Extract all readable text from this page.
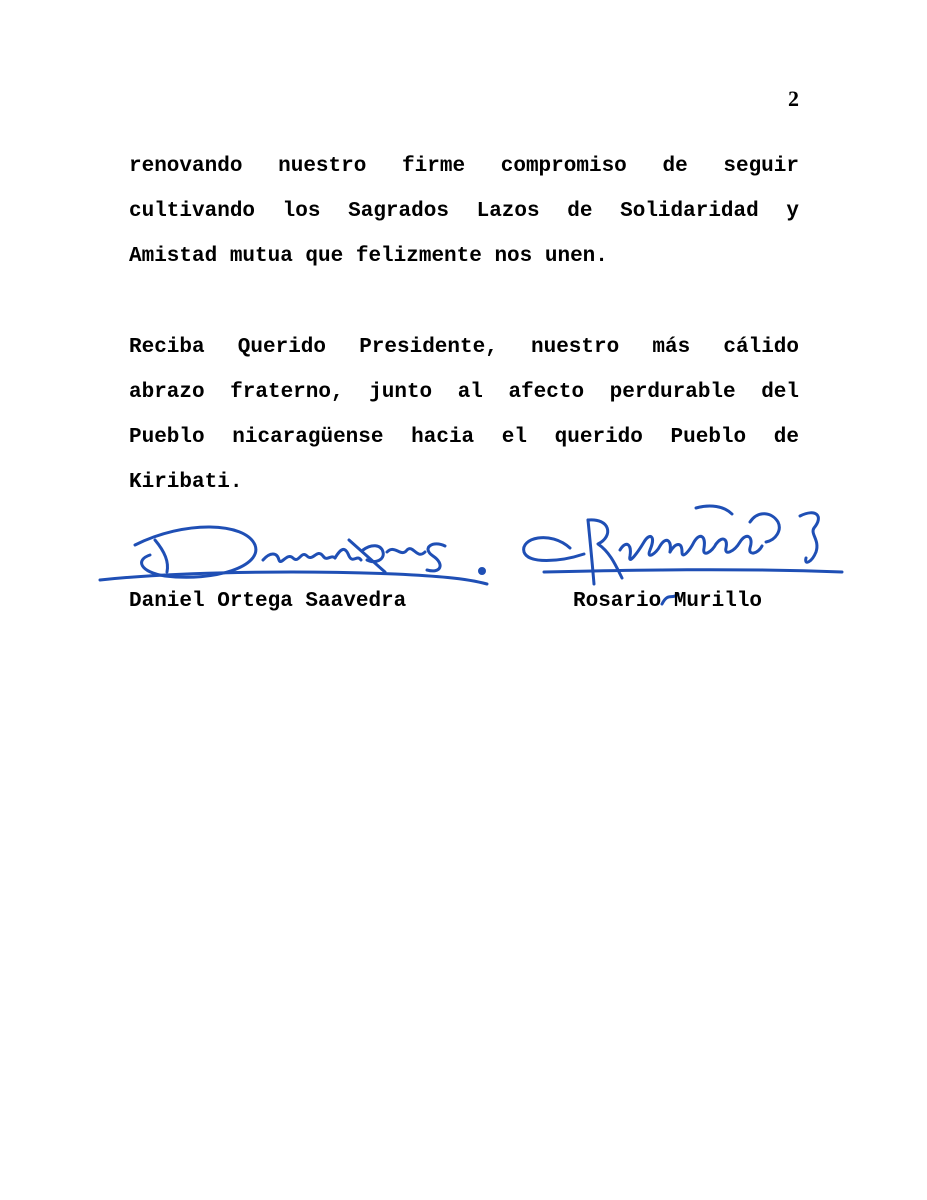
2
renovando nuestro firme compromiso de seguir
cultivando los Sagrados Lazos de Solidaridad y
Amistad mutua que felizmente nos unen.
Reciba Querido Presidente, nuestro más cálido
abrazo fraterno, junto al afecto perdurable del
Pueblo nicaragüense hacia el querido Pueblo de
Kiribati.
Daniel Ortega Saavedra	Rosario Murillo
